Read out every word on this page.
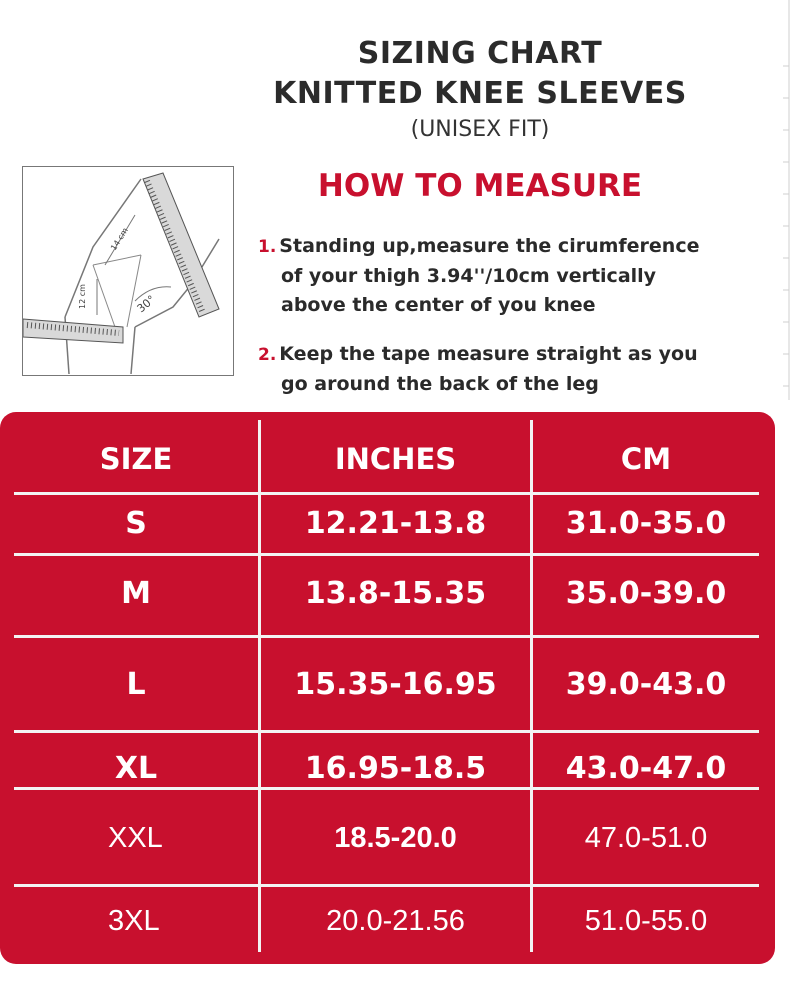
SIZING CHART
KNITTED KNEE SLEEVES
(UNISEX FIT)
HOW TO MEASURE
1. Standing up,measure the cirumference
of your thigh 3.94''/10cm vertically
above the center of you knee
2. Keep the tape measure straight as you
go around the back of the leg
14 cm
12 cm	30°
SIZE	INCHES	CM
S	12.21-13.8	31.0-35.0
M	13.8-15.35	35.0-39.0
L	15.35-16.95	39.0-43.0
XL	16.95-18.5	43.0-47.0
XXL	18.5-20.0	47.0-51.0
3XL	20.0-21.56	51.0-55.0
